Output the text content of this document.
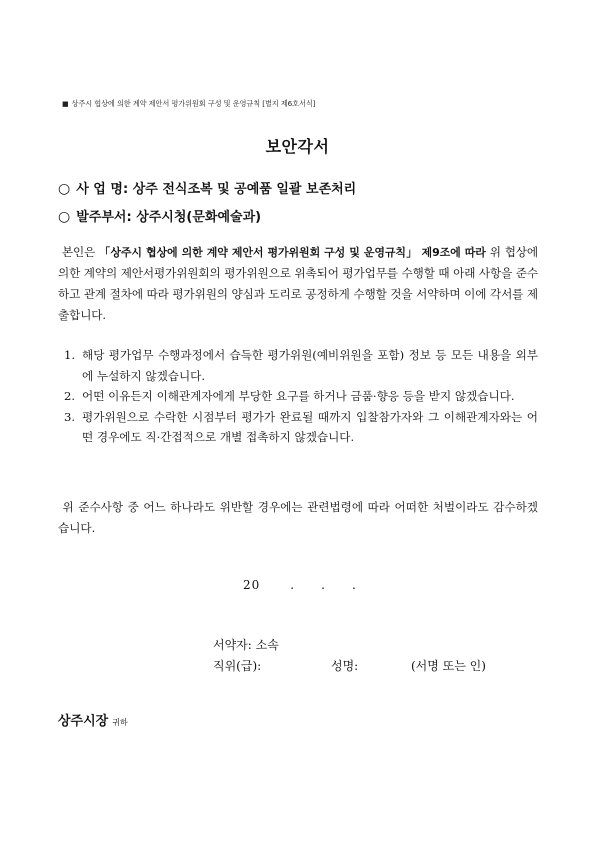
■ 상주시 협상에 의한 계약 제안서 평가위원회 구성 및 운영규칙 [별지 제6호서식]
보안각서
○ 사 업 명: 상주 전식조복 및 공예품 일괄 보존처리
○ 발주부서: 상주시청(문화예술과)
본인은 「상주시 협상에 의한 계약 제안서 평가위원회 구성 및 운영규칙」 제9조에 따라 위 협상에 의한 계약의 제안서평가위원회의 평가위원으로 위촉되어 평가업무를 수행할 때 아래 사항을 준수하고 관계 절차에 따라 평가위원의 양심과 도리로 공정하게 수행할 것을 서약하며 이에 각서를 제출합니다.
1. 해당 평가업무 수행과정에서 습득한 평가위원(예비위원을 포함) 정보 등 모든 내용을 외부에 누설하지 않겠습니다.
2. 어떤 이유든지 이해관계자에게 부당한 요구를 하거나 금품·향응 등을 받지 않겠습니다.
3. 평가위원으로 수락한 시점부터 평가가 완료될 때까지 입찰참가자와 그 이해관계자와는 어떤 경우에도 직·간접적으로 개별 접촉하지 않겠습니다.
위 준수사항 중 어느 하나라도 위반할 경우에는 관련법령에 따라 어떠한 처벌이라도 감수하겠습니다.
20	. . .
서약자: 소속
직위(급):	성명:	(서명 또는 인)
상주시장 귀하
